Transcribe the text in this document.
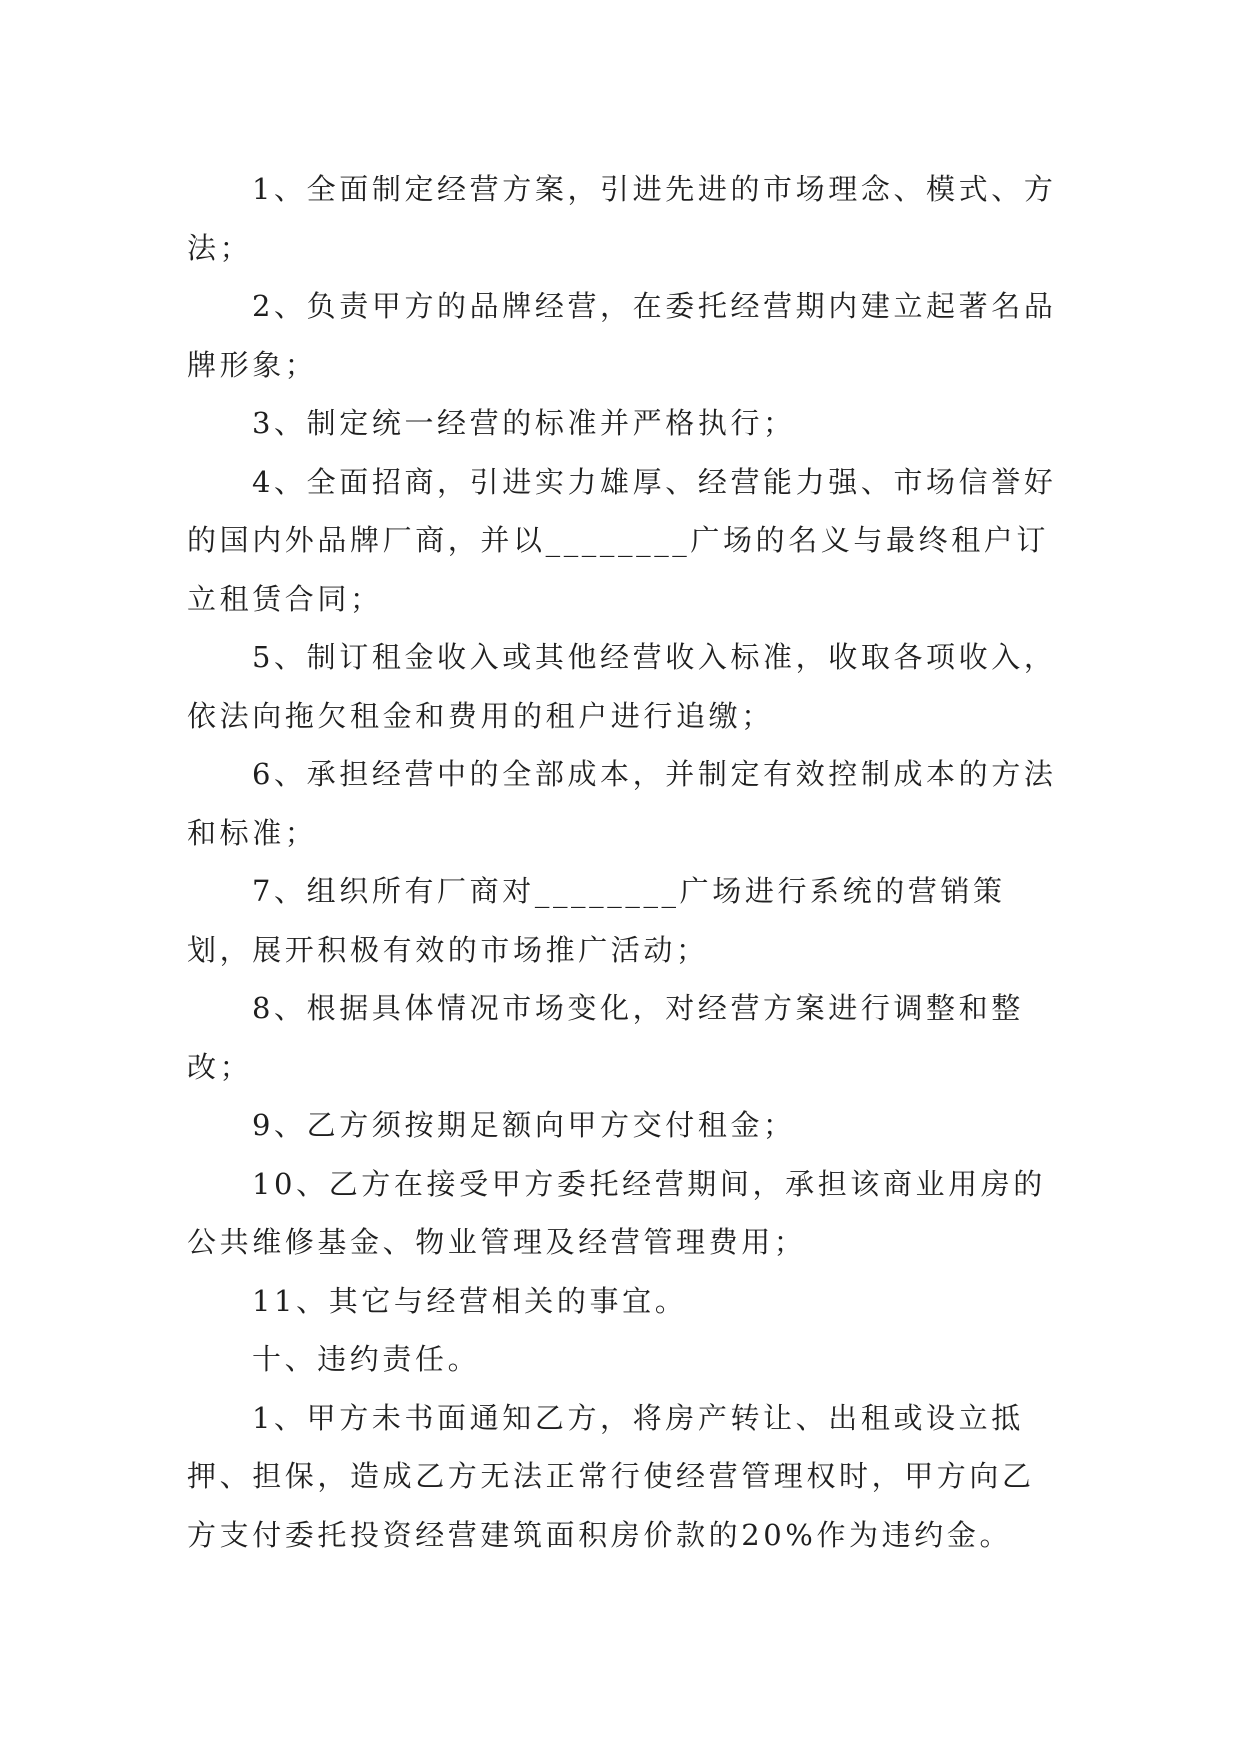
1、全面制定经营方案，引进先进的市场理念、模式、方法；

2、负责甲方的品牌经营，在委托经营期内建立起著名品牌形象；

3、制定统一经营的标准并严格执行；

4、全面招商，引进实力雄厚、经营能力强、市场信誉好的国内外品牌厂商，并以________广场的名义与最终租户订立租赁合同；

5、制订租金收入或其他经营收入标准，收取各项收入，依法向拖欠租金和费用的租户进行追缴；

6、承担经营中的全部成本，并制定有效控制成本的方法和标准；

7、组织所有厂商对________广场进行系统的营销策划，展开积极有效的市场推广活动；

8、根据具体情况市场变化，对经营方案进行调整和整改；

9、乙方须按期足额向甲方交付租金；

10、乙方在接受甲方委托经营期间，承担该商业用房的公共维修基金、物业管理及经营管理费用；

11、其它与经营相关的事宜。

十、违约责任。

1、甲方未书面通知乙方，将房产转让、出租或设立抵押、担保，造成乙方无法正常行使经营管理权时，甲方向乙方支付委托投资经营建筑面积房价款的20%作为违约金。
